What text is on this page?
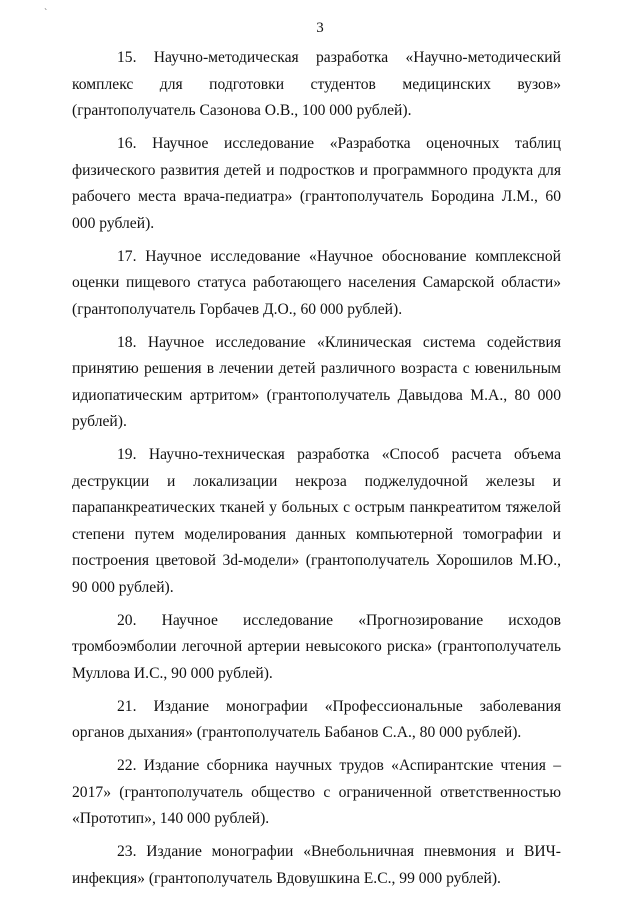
ˋ
3

15. Научно-методическая разработка «Научно-методический комплекс для подготовки студентов медицинских вузов» (грантополучатель Сазонова О.В., 100 000 рублей).

16. Научное исследование «Разработка оценочных таблиц физического развития детей и подростков и программного продукта для рабочего места врача-педиатра» (грантополучатель Бородина Л.М., 60 000 рублей).

17. Научное исследование «Научное обоснование комплексной оценки пищевого статуса работающего населения Самарской области» (грантополучатель Горбачев Д.О., 60 000 рублей).

18. Научное исследование «Клиническая система содействия принятию решения в лечении детей различного возраста с ювенильным идиопатическим артритом» (грантополучатель Давыдова М.А., 80 000 рублей).

19. Научно-техническая разработка «Способ расчета объема деструкции и локализации некроза поджелудочной железы и парапанкреатических тканей у больных с острым панкреатитом тяжелой степени путем моделирования данных компьютерной томографии и построения цветовой 3d-модели» (грантополучатель Хорошилов М.Ю., 90 000 рублей).

20. Научное исследование «Прогнозирование исходов тромбоэмболии легочной артерии невысокого риска» (грантополучатель Муллова И.С., 90 000 рублей).

21. Издание монографии «Профессиональные заболевания органов дыхания» (грантополучатель Бабанов С.А., 80 000 рублей).

22. Издание сборника научных трудов «Аспирантские чтения – 2017» (грантополучатель общество с ограниченной ответственностью «Прототип», 140 000 рублей).

23. Издание монографии «Внебольничная пневмония и ВИЧ-инфекция» (грантополучатель Вдовушкина Е.С., 99 000 рублей).
